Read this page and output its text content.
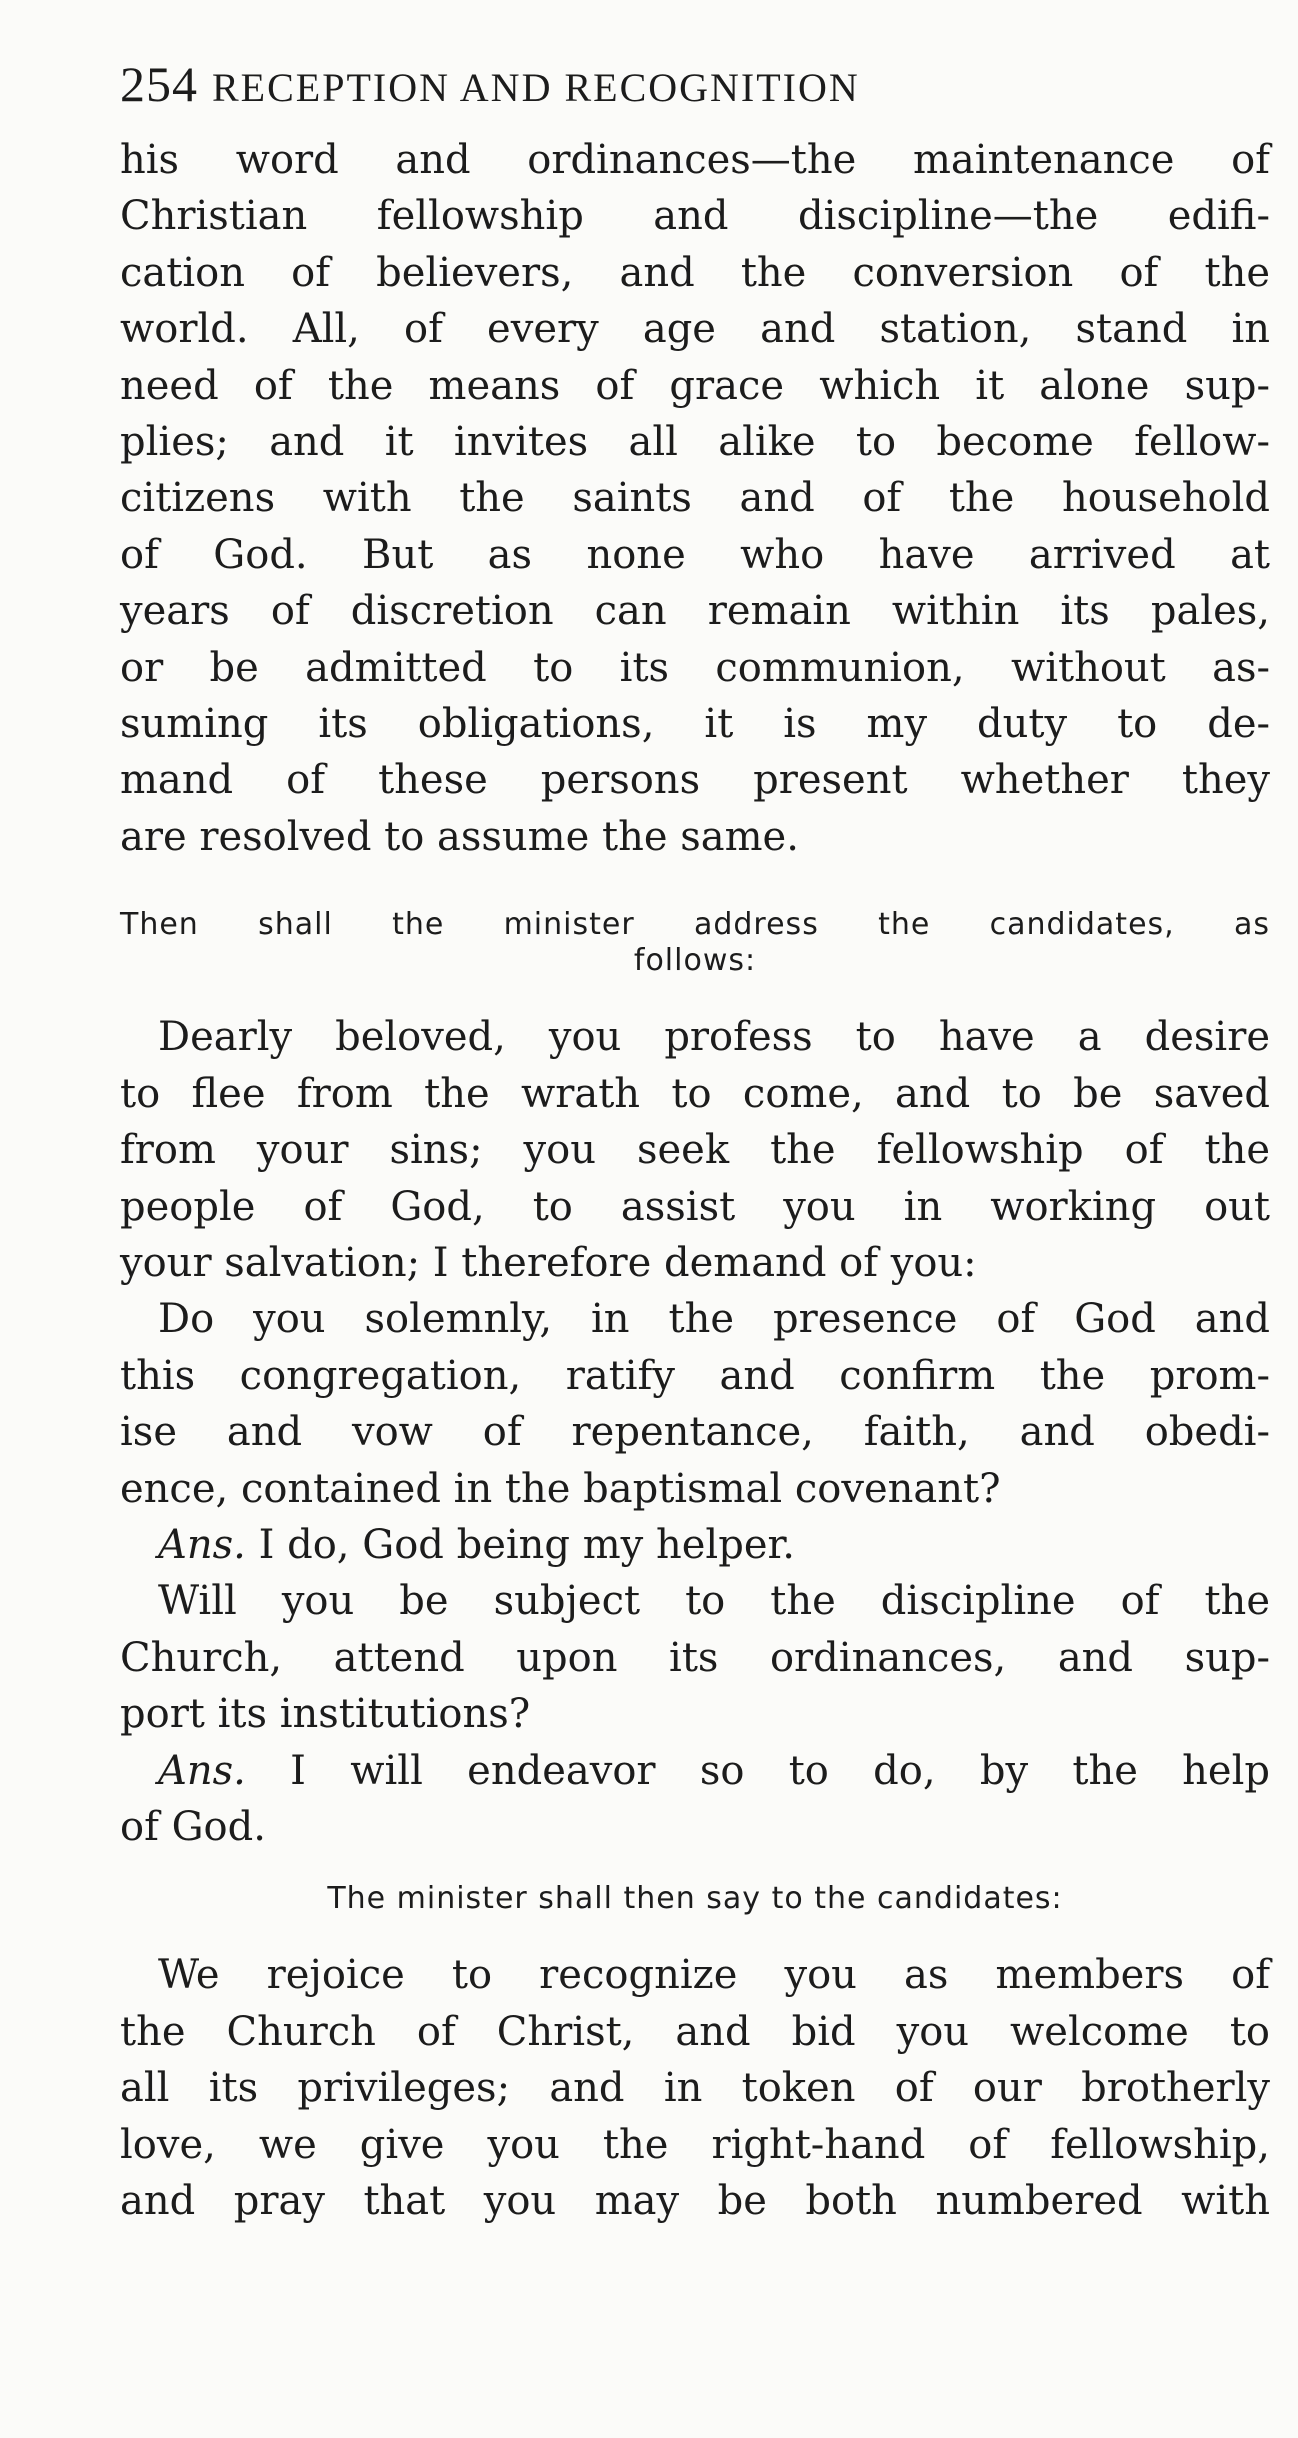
254 RECEPTION AND RECOGNITION
his word and ordinances—the maintenance of
Christian fellowship and discipline—the edifi-
cation of believers, and the conversion of the
world. All, of every age and station, stand in
need of the means of grace which it alone sup-
plies; and it invites all alike to become fellow-
citizens with the saints and of the household
of God. But as none who have arrived at
years of discretion can remain within its pales,
or be admitted to its communion, without as-
suming its obligations, it is my duty to de-
mand of these persons present whether they
are resolved to assume the same.
Then shall the minister address the candidates, as
follows:
Dearly beloved, you profess to have a desire
to flee from the wrath to come, and to be saved
from your sins; you seek the fellowship of the
people of God, to assist you in working out
your salvation; I therefore demand of you:
Do you solemnly, in the presence of God and
this congregation, ratify and confirm the prom-
ise and vow of repentance, faith, and obedi-
ence, contained in the baptismal covenant?
Ans. I do, God being my helper.
Will you be subject to the discipline of the
Church, attend upon its ordinances, and sup-
port its institutions?
Ans. I will endeavor so to do, by the help
of God.
The minister shall then say to the candidates:
We rejoice to recognize you as members of
the Church of Christ, and bid you welcome to
all its privileges; and in token of our brotherly
love, we give you the right-hand of fellowship,
and pray that you may be both numbered with
